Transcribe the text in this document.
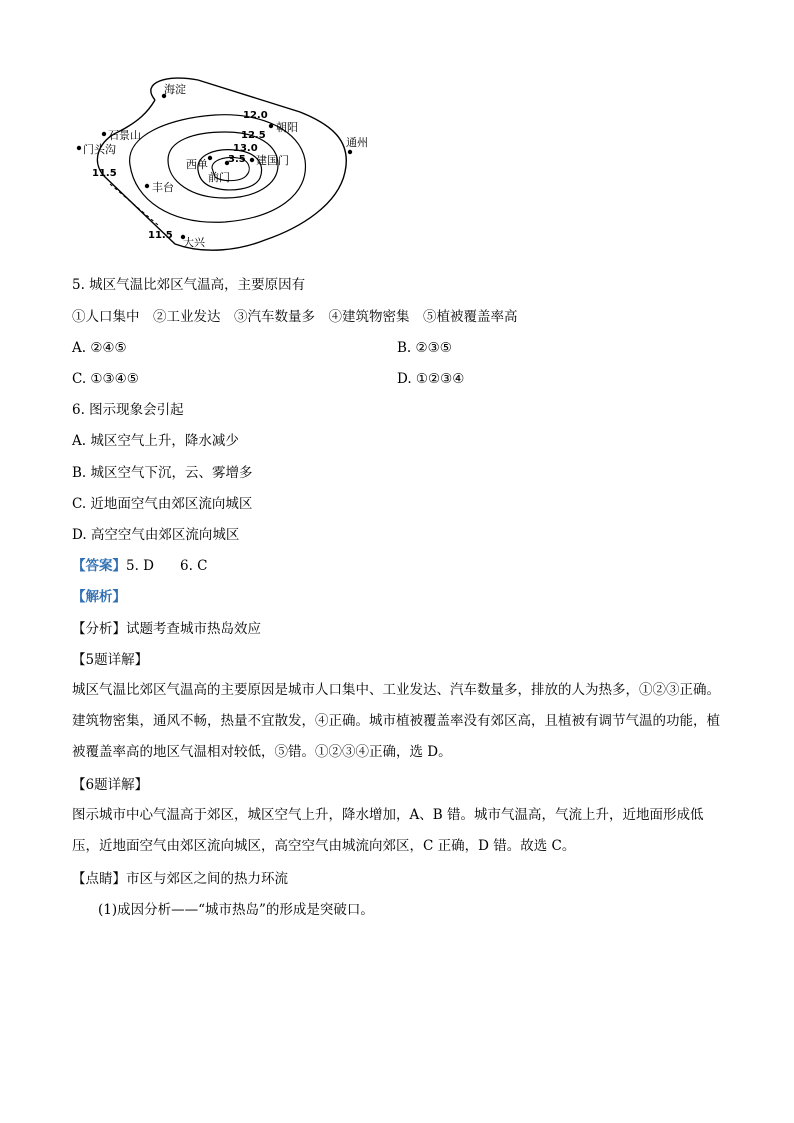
海淀
朝阳
通州
石景山
门头沟
丰台
大兴
西单	建国门
前门
12.0
12.5
13.0
3.5
11.5
11.5
5. 城区气温比郊区气温高，主要原因有
①人口集中　②工业发达　③汽车数量多　④建筑物密集　⑤植被覆盖率高
A. ②④⑤	B. ②③⑤
C. ①③④⑤	D. ①②③④
6. 图示现象会引起
A. 城区空气上升，降水减少
B. 城区空气下沉，云、雾增多
C. 近地面空气由郊区流向城区
D. 高空空气由郊区流向城区
【答案】5. D 6. C
【解析】
【分析】试题考查城市热岛效应
【5题详解】
城区气温比郊区气温高的主要原因是城市人口集中、工业发达、汽车数量多，排放的人为热多，①②③正确。建筑物密集，通风不畅，热量不宜散发，④正确。城市植被覆盖率没有郊区高，且植被有调节气温的功能，植被覆盖率高的地区气温相对较低，⑤错。①②③④正确，选 D。
【6题详解】
图示城市中心气温高于郊区，城区空气上升，降水增加，A、B 错。城市气温高，气流上升，近地面形成低压，近地面空气由郊区流向城区，高空空气由城流向郊区，C 正确，D 错。故选 C。
【点睛】市区与郊区之间的热力环流
(1)成因分析——“城市热岛”的形成是突破口。
